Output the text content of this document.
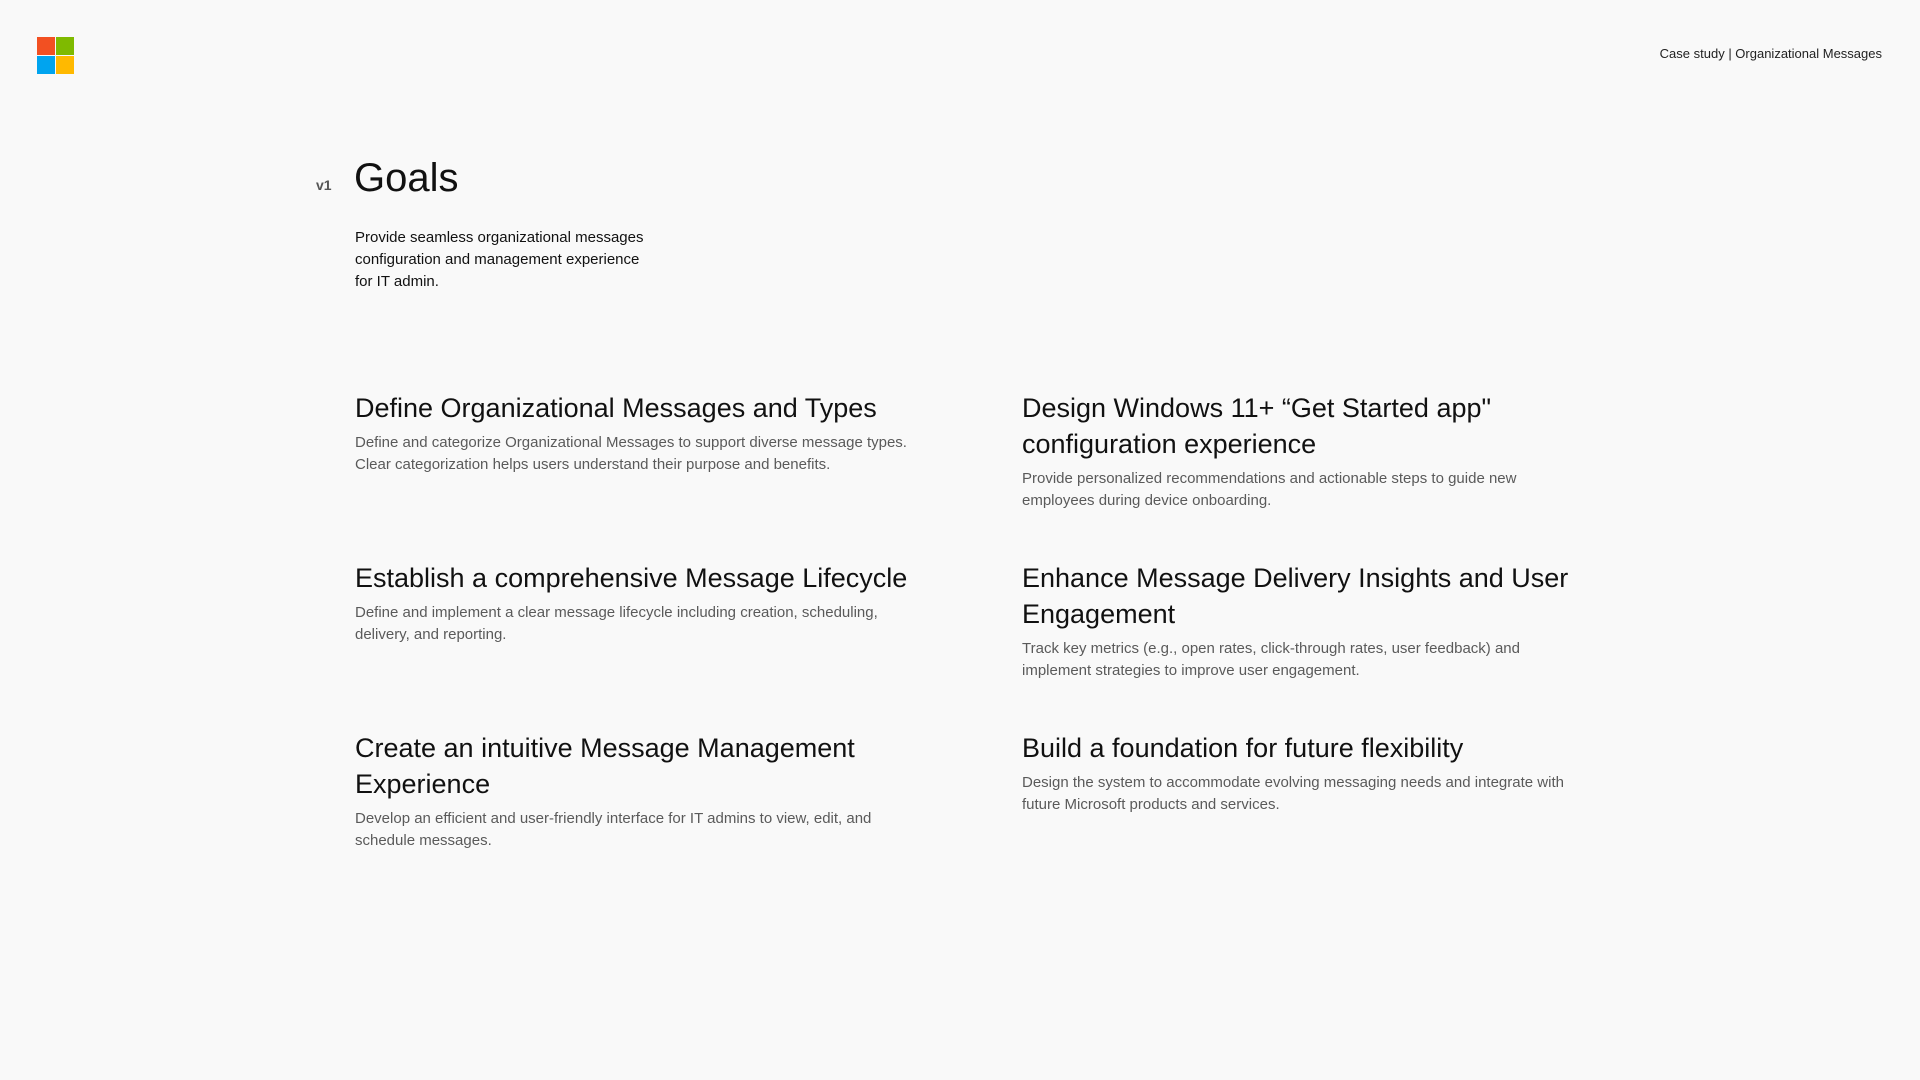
Case study | Organizational Messages
v1 Goals

Provide seamless organizational messages configuration and management experience for IT admin.

Define Organizational Messages and Types

Define and categorize Organizational Messages to support diverse message types. Clear categorization helps users understand their purpose and benefits.

Design Windows 11+ “Get Started app" configuration experience

Provide personalized recommendations and actionable steps to guide new employees during device onboarding.

Establish a comprehensive Message Lifecycle

Define and implement a clear message lifecycle including creation, scheduling, delivery, and reporting.

Enhance Message Delivery Insights and User Engagement

Track key metrics (e.g., open rates, click-through rates, user feedback) and implement strategies to improve user engagement.

Create an intuitive Message Management Experience

Develop an efficient and user-friendly interface for IT admins to view, edit, and schedule messages.

Build a foundation for future flexibility

Design the system to accommodate evolving messaging needs and integrate with future Microsoft products and services.
